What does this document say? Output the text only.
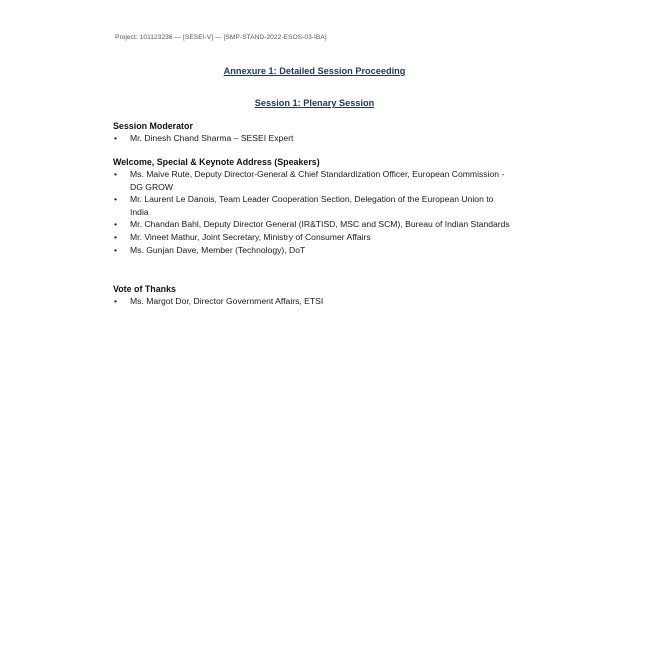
Project: 101123236 — [SESEI-V] — [SMP-STAND-2022-ESOS-03-IBA]
Annexure 1: Detailed Session Proceeding
Session 1: Plenary Session

Session Moderator

• Mr. Dinesh Chand Sharma – SESEI Expert

Welcome, Special & Keynote Address (Speakers)

• Ms. Maive Rute, Deputy Director-General & Chief Standardization Officer, European Commission - DG GROW
• Mr. Laurent Le Danois, Team Leader Cooperation Section, Delegation of the European Union to India
• Mr. Chandan Bahl, Deputy Director General (IR&TISD, MSC and SCM), Bureau of Indian Standards
• Mr. Vineet Mathur, Joint Secretary, Ministry of Consumer Affairs
• Ms. Gunjan Dave, Member (Technology), DoT

Vote of Thanks

• Ms. Margot Dor, Director Government Affairs, ETSI
